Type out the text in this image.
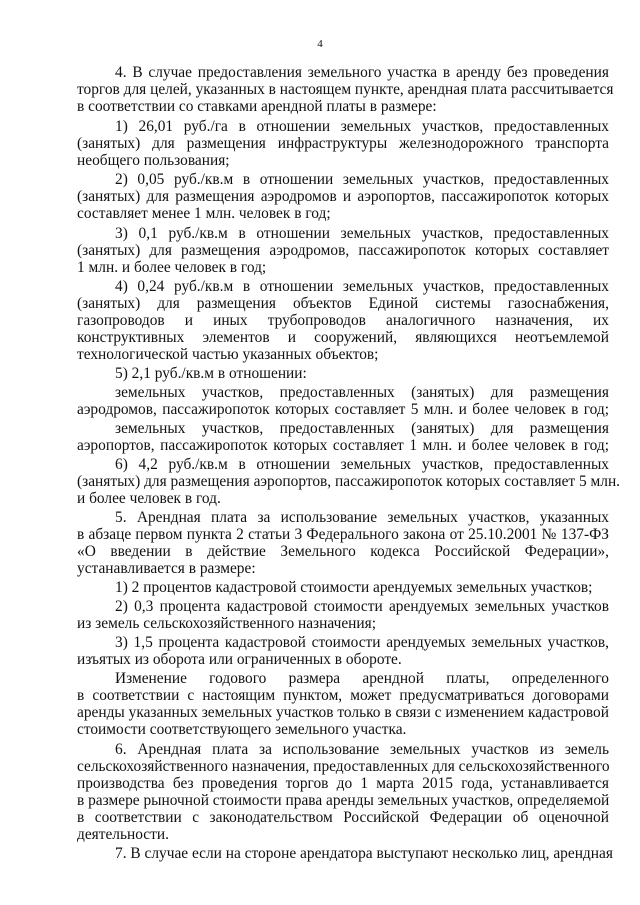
4
4. В случае предоставления земельного участка в аренду без проведения
торгов для целей, указанных в настоящем пункте, арендная плата рассчитывается
в соответствии со ставками арендной платы в размере:
1) 26,01 руб./га в отношении земельных участков, предоставленных
(занятых) для размещения инфраструктуры железнодорожного транспорта
необщего пользования;
2) 0,05 руб./кв.м в отношении земельных участков, предоставленных
(занятых) для размещения аэродромов и аэропортов, пассажиропоток которых
составляет менее 1 млн. человек в год;
3) 0,1 руб./кв.м в отношении земельных участков, предоставленных
(занятых) для размещения аэродромов, пассажиропоток которых составляет
1 млн. и более человек в год;
4) 0,24 руб./кв.м в отношении земельных участков, предоставленных
(занятых) для размещения объектов Единой системы газоснабжения,
газопроводов и иных трубопроводов аналогичного назначения, их
конструктивных элементов и сооружений, являющихся неотъемлемой
технологической частью указанных объектов;
5) 2,1 руб./кв.м в отношении:
земельных участков, предоставленных (занятых) для размещения
аэродромов, пассажиропоток которых составляет 5 млн. и более человек в год;
земельных участков, предоставленных (занятых) для размещения
аэропортов, пассажиропоток которых составляет 1 млн. и более человек в год;
6) 4,2 руб./кв.м в отношении земельных участков, предоставленных
(занятых) для размещения аэропортов, пассажиропоток которых составляет 5 млн.
и более человек в год.
5. Арендная плата за использование земельных участков, указанных
в абзаце первом пункта 2 статьи 3 Федерального закона от 25.10.2001 № 137-ФЗ
«О введении в действие Земельного кодекса Российской Федерации»,
устанавливается в размере:
1) 2 процентов кадастровой стоимости арендуемых земельных участков;
2) 0,3 процента кадастровой стоимости арендуемых земельных участков
из земель сельскохозяйственного назначения;
3) 1,5 процента кадастровой стоимости арендуемых земельных участков,
изъятых из оборота или ограниченных в обороте.
Изменение годового размера арендной платы, определенного
в соответствии с настоящим пунктом, может предусматриваться договорами
аренды указанных земельных участков только в связи с изменением кадастровой
стоимости соответствующего земельного участка.
6. Арендная плата за использование земельных участков из земель
сельскохозяйственного назначения, предоставленных для сельскохозяйственного
производства без проведения торгов до 1 марта 2015 года, устанавливается
в размере рыночной стоимости права аренды земельных участков, определяемой
в соответствии с законодательством Российской Федерации об оценочной
деятельности.
7. В случае если на стороне арендатора выступают несколько лиц, арендная
